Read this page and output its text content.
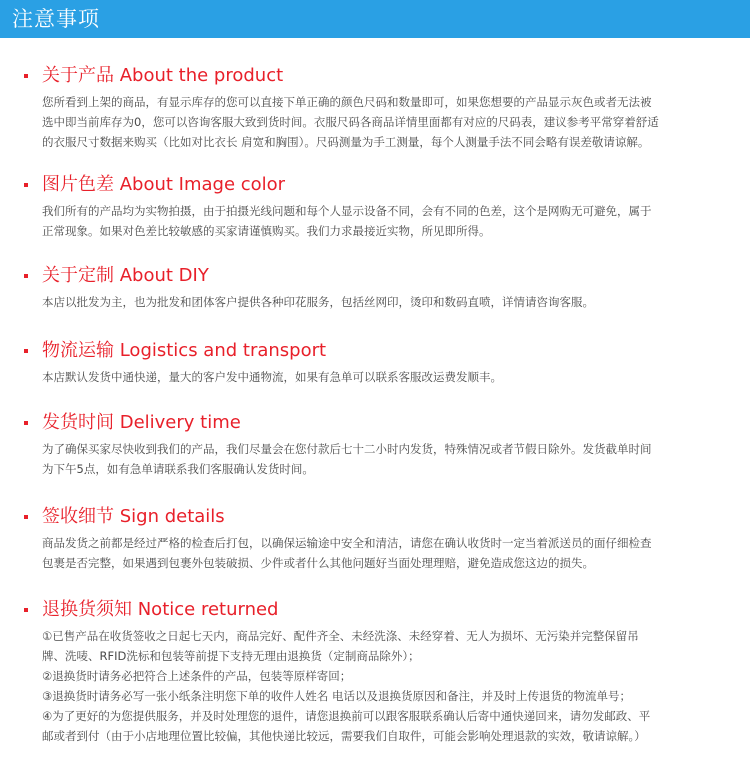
注意事项
关于产品 About the product
您所看到上架的商品，有显示库存的您可以直接下单正确的颜色尺码和数量即可，如果您想要的产品显示灰色或者无法被
选中即当前库存为0，您可以咨询客服大致到货时间。衣服尺码各商品详情里面都有对应的尺码表，建议参考平常穿着舒适
的衣服尺寸数据来购买（比如对比衣长 肩宽和胸围）。尺码测量为手工测量，每个人测量手法不同会略有误差敬请谅解。
图片色差 About Image color
我们所有的产品均为实物拍摄，由于拍摄光线问题和每个人显示设备不同，会有不同的色差，这个是网购无可避免，属于
正常现象。如果对色差比较敏感的买家请谨慎购买。我们力求最接近实物，所见即所得。
关于定制 About DIY
本店以批发为主，也为批发和团体客户提供各种印花服务，包括丝网印，烫印和数码直喷，详情请咨询客服。
物流运输 Logistics and transport
本店默认发货中通快递，量大的客户发中通物流，如果有急单可以联系客服改运费发顺丰。
发货时间 Delivery time
为了确保买家尽快收到我们的产品，我们尽量会在您付款后七十二小时内发货，特殊情况或者节假日除外。发货截单时间
为下午5点，如有急单请联系我们客服确认发货时间。
签收细节 Sign details
商品发货之前都是经过严格的检查后打包，以确保运输途中安全和清洁，请您在确认收货时一定当着派送员的面仔细检查
包裹是否完整，如果遇到包裹外包装破损、少件或者什么其他问题好当面处理理赔，避免造成您这边的损失。
退换货须知 Notice returned
①已售产品在收货签收之日起七天内，商品完好、配件齐全、未经洗涤、未经穿着、无人为损坏、无污染并完整保留吊
牌、洗唛、RFID洗标和包装等前提下支持无理由退换货（定制商品除外）；
②退换货时请务必把符合上述条件的产品，包装等原样寄回；
③退换货时请务必写一张小纸条注明您下单的收件人姓名 电话以及退换货原因和备注，并及时上传退货的物流单号；
④为了更好的为您提供服务，并及时处理您的退件，请您退换前可以跟客服联系确认后寄中通快递回来，请勿发邮政、平
邮或者到付（由于小店地理位置比较偏，其他快递比较远，需要我们自取件，可能会影响处理退款的实效，敬请谅解。）
